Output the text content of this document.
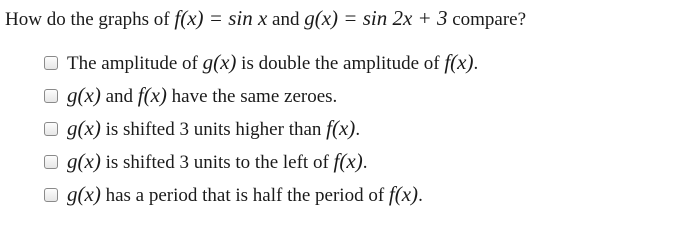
How do the graphs of f(x) = sin x and g(x) = sin 2x + 3 compare?
The amplitude of g(x) is double the amplitude of f(x).
g(x) and f(x) have the same zeroes.
g(x) is shifted 3 units higher than f(x).
g(x) is shifted 3 units to the left of f(x).
g(x) has a period that is half the period of f(x).
